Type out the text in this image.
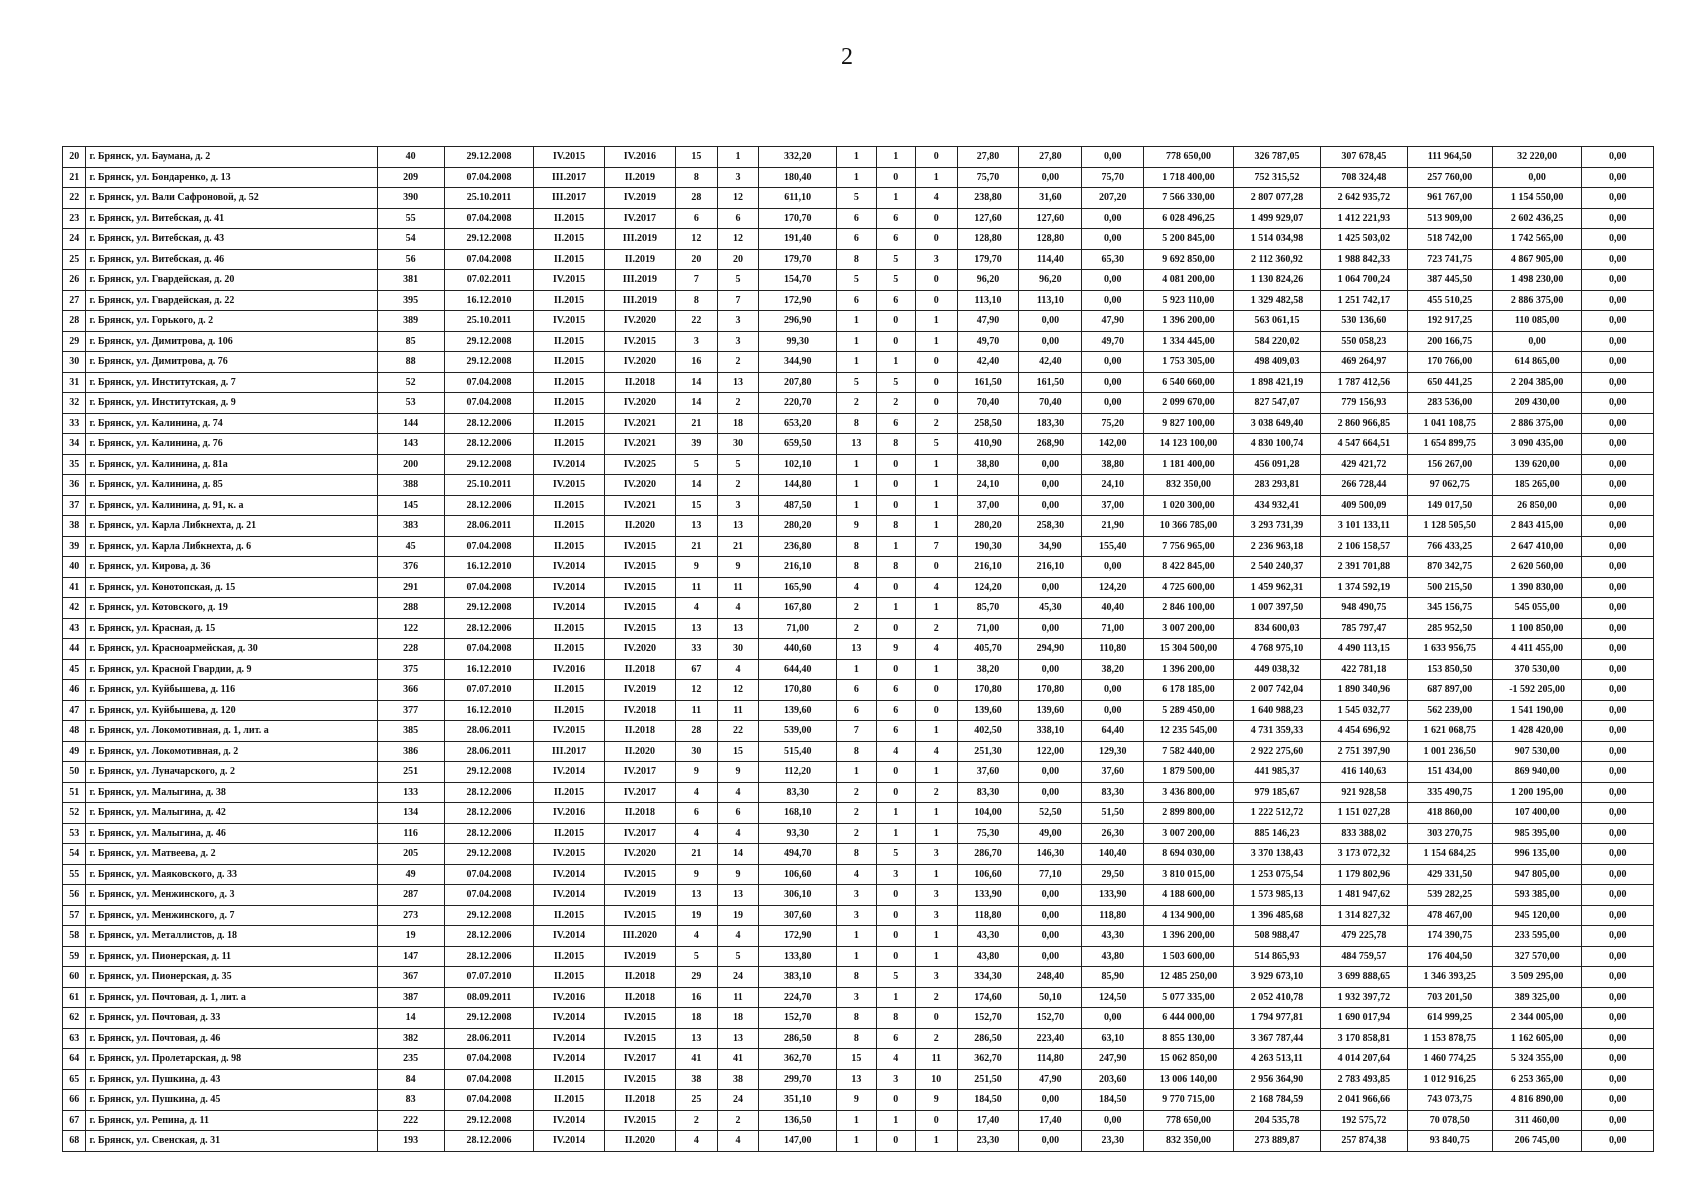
2
20	г. Брянск, ул. Баумана, д. 2	40	29.12.2008	IV.2015	IV.2016	15	1	332,20	1	1	0	27,80	27,80	0,00	778 650,00	326 787,05	307 678,45	111 964,50	32 220,00	0,00
21	г. Брянск, ул. Бондаренко, д. 13	209	07.04.2008	III.2017	II.2019	8	3	180,40	1	0	1	75,70	0,00	75,70	1 718 400,00	752 315,52	708 324,48	257 760,00	0,00	0,00
22	г. Брянск, ул. Вали Сафроновой, д. 52	390	25.10.2011	III.2017	IV.2019	28	12	611,10	5	1	4	238,80	31,60	207,20	7 566 330,00	2 807 077,28	2 642 935,72	961 767,00	1 154 550,00	0,00
23	г. Брянск, ул. Витебская, д. 41	55	07.04.2008	II.2015	IV.2017	6	6	170,70	6	6	0	127,60	127,60	0,00	6 028 496,25	1 499 929,07	1 412 221,93	513 909,00	2 602 436,25	0,00
24	г. Брянск, ул. Витебская, д. 43	54	29.12.2008	II.2015	III.2019	12	12	191,40	6	6	0	128,80	128,80	0,00	5 200 845,00	1 514 034,98	1 425 503,02	518 742,00	1 742 565,00	0,00
25	г. Брянск, ул. Витебская, д. 46	56	07.04.2008	II.2015	II.2019	20	20	179,70	8	5	3	179,70	114,40	65,30	9 692 850,00	2 112 360,92	1 988 842,33	723 741,75	4 867 905,00	0,00
26	г. Брянск, ул. Гвардейская, д. 20	381	07.02.2011	IV.2015	III.2019	7	5	154,70	5	5	0	96,20	96,20	0,00	4 081 200,00	1 130 824,26	1 064 700,24	387 445,50	1 498 230,00	0,00
27	г. Брянск, ул. Гвардейская, д. 22	395	16.12.2010	II.2015	III.2019	8	7	172,90	6	6	0	113,10	113,10	0,00	5 923 110,00	1 329 482,58	1 251 742,17	455 510,25	2 886 375,00	0,00
28	г. Брянск, ул. Горького, д. 2	389	25.10.2011	IV.2015	IV.2020	22	3	296,90	1	0	1	47,90	0,00	47,90	1 396 200,00	563 061,15	530 136,60	192 917,25	110 085,00	0,00
29	г. Брянск, ул. Димитрова, д. 106	85	29.12.2008	II.2015	IV.2015	3	3	99,30	1	0	1	49,70	0,00	49,70	1 334 445,00	584 220,02	550 058,23	200 166,75	0,00	0,00
30	г. Брянск, ул. Димитрова, д. 76	88	29.12.2008	II.2015	IV.2020	16	2	344,90	1	1	0	42,40	42,40	0,00	1 753 305,00	498 409,03	469 264,97	170 766,00	614 865,00	0,00
31	г. Брянск, ул. Институтская, д. 7	52	07.04.2008	II.2015	II.2018	14	13	207,80	5	5	0	161,50	161,50	0,00	6 540 660,00	1 898 421,19	1 787 412,56	650 441,25	2 204 385,00	0,00
32	г. Брянск, ул. Институтская, д. 9	53	07.04.2008	II.2015	IV.2020	14	2	220,70	2	2	0	70,40	70,40	0,00	2 099 670,00	827 547,07	779 156,93	283 536,00	209 430,00	0,00
33	г. Брянск, ул. Калинина, д. 74	144	28.12.2006	II.2015	IV.2021	21	18	653,20	8	6	2	258,50	183,30	75,20	9 827 100,00	3 038 649,40	2 860 966,85	1 041 108,75	2 886 375,00	0,00
34	г. Брянск, ул. Калинина, д. 76	143	28.12.2006	II.2015	IV.2021	39	30	659,50	13	8	5	410,90	268,90	142,00	14 123 100,00	4 830 100,74	4 547 664,51	1 654 899,75	3 090 435,00	0,00
35	г. Брянск, ул. Калинина, д. 81а	200	29.12.2008	IV.2014	IV.2025	5	5	102,10	1	0	1	38,80	0,00	38,80	1 181 400,00	456 091,28	429 421,72	156 267,00	139 620,00	0,00
36	г. Брянск, ул. Калинина, д. 85	388	25.10.2011	IV.2015	IV.2020	14	2	144,80	1	0	1	24,10	0,00	24,10	832 350,00	283 293,81	266 728,44	97 062,75	185 265,00	0,00
37	г. Брянск, ул. Калинина, д. 91, к. а	145	28.12.2006	II.2015	IV.2021	15	3	487,50	1	0	1	37,00	0,00	37,00	1 020 300,00	434 932,41	409 500,09	149 017,50	26 850,00	0,00
38	г. Брянск, ул. Карла Либкнехта, д. 21	383	28.06.2011	II.2015	II.2020	13	13	280,20	9	8	1	280,20	258,30	21,90	10 366 785,00	3 293 731,39	3 101 133,11	1 128 505,50	2 843 415,00	0,00
39	г. Брянск, ул. Карла Либкнехта, д. 6	45	07.04.2008	II.2015	IV.2015	21	21	236,80	8	1	7	190,30	34,90	155,40	7 756 965,00	2 236 963,18	2 106 158,57	766 433,25	2 647 410,00	0,00
40	г. Брянск, ул. Кирова, д. 36	376	16.12.2010	IV.2014	IV.2015	9	9	216,10	8	8	0	216,10	216,10	0,00	8 422 845,00	2 540 240,37	2 391 701,88	870 342,75	2 620 560,00	0,00
41	г. Брянск, ул. Конотопская, д. 15	291	07.04.2008	IV.2014	IV.2015	11	11	165,90	4	0	4	124,20	0,00	124,20	4 725 600,00	1 459 962,31	1 374 592,19	500 215,50	1 390 830,00	0,00
42	г. Брянск, ул. Котовского, д. 19	288	29.12.2008	IV.2014	IV.2015	4	4	167,80	2	1	1	85,70	45,30	40,40	2 846 100,00	1 007 397,50	948 490,75	345 156,75	545 055,00	0,00
43	г. Брянск, ул. Красная, д. 15	122	28.12.2006	II.2015	IV.2015	13	13	71,00	2	0	2	71,00	0,00	71,00	3 007 200,00	834 600,03	785 797,47	285 952,50	1 100 850,00	0,00
44	г. Брянск, ул. Красноармейская, д. 30	228	07.04.2008	II.2015	IV.2020	33	30	440,60	13	9	4	405,70	294,90	110,80	15 304 500,00	4 768 975,10	4 490 113,15	1 633 956,75	4 411 455,00	0,00
45	г. Брянск, ул. Красной Гвардии, д. 9	375	16.12.2010	IV.2016	II.2018	67	4	644,40	1	0	1	38,20	0,00	38,20	1 396 200,00	449 038,32	422 781,18	153 850,50	370 530,00	0,00
46	г. Брянск, ул. Куйбышева, д. 116	366	07.07.2010	II.2015	IV.2019	12	12	170,80	6	6	0	170,80	170,80	0,00	6 178 185,00	2 007 742,04	1 890 340,96	687 897,00	-1 592 205,00	0,00
47	г. Брянск, ул. Куйбышева, д. 120	377	16.12.2010	II.2015	IV.2018	11	11	139,60	6	6	0	139,60	139,60	0,00	5 289 450,00	1 640 988,23	1 545 032,77	562 239,00	1 541 190,00	0,00
48	г. Брянск, ул. Локомотивная, д. 1, лит. а	385	28.06.2011	IV.2015	II.2018	28	22	539,00	7	6	1	402,50	338,10	64,40	12 235 545,00	4 731 359,33	4 454 696,92	1 621 068,75	1 428 420,00	0,00
49	г. Брянск, ул. Локомотивная, д. 2	386	28.06.2011	III.2017	II.2020	30	15	515,40	8	4	4	251,30	122,00	129,30	7 582 440,00	2 922 275,60	2 751 397,90	1 001 236,50	907 530,00	0,00
50	г. Брянск, ул. Луначарского, д. 2	251	29.12.2008	IV.2014	IV.2017	9	9	112,20	1	0	1	37,60	0,00	37,60	1 879 500,00	441 985,37	416 140,63	151 434,00	869 940,00	0,00
51	г. Брянск, ул. Малыгина, д. 38	133	28.12.2006	II.2015	IV.2017	4	4	83,30	2	0	2	83,30	0,00	83,30	3 436 800,00	979 185,67	921 928,58	335 490,75	1 200 195,00	0,00
52	г. Брянск, ул. Малыгина, д. 42	134	28.12.2006	IV.2016	II.2018	6	6	168,10	2	1	1	104,00	52,50	51,50	2 899 800,00	1 222 512,72	1 151 027,28	418 860,00	107 400,00	0,00
53	г. Брянск, ул. Малыгина, д. 46	116	28.12.2006	II.2015	IV.2017	4	4	93,30	2	1	1	75,30	49,00	26,30	3 007 200,00	885 146,23	833 388,02	303 270,75	985 395,00	0,00
54	г. Брянск, ул. Матвеева, д. 2	205	29.12.2008	IV.2015	IV.2020	21	14	494,70	8	5	3	286,70	146,30	140,40	8 694 030,00	3 370 138,43	3 173 072,32	1 154 684,25	996 135,00	0,00
55	г. Брянск, ул. Маяковского, д. 33	49	07.04.2008	IV.2014	IV.2015	9	9	106,60	4	3	1	106,60	77,10	29,50	3 810 015,00	1 253 075,54	1 179 802,96	429 331,50	947 805,00	0,00
56	г. Брянск, ул. Менжинского, д. 3	287	07.04.2008	IV.2014	IV.2019	13	13	306,10	3	0	3	133,90	0,00	133,90	4 188 600,00	1 573 985,13	1 481 947,62	539 282,25	593 385,00	0,00
57	г. Брянск, ул. Менжинского, д. 7	273	29.12.2008	II.2015	IV.2015	19	19	307,60	3	0	3	118,80	0,00	118,80	4 134 900,00	1 396 485,68	1 314 827,32	478 467,00	945 120,00	0,00
58	г. Брянск, ул. Металлистов, д. 18	19	28.12.2006	IV.2014	III.2020	4	4	172,90	1	0	1	43,30	0,00	43,30	1 396 200,00	508 988,47	479 225,78	174 390,75	233 595,00	0,00
59	г. Брянск, ул. Пионерская, д. 11	147	28.12.2006	II.2015	IV.2019	5	5	133,80	1	0	1	43,80	0,00	43,80	1 503 600,00	514 865,93	484 759,57	176 404,50	327 570,00	0,00
60	г. Брянск, ул. Пионерская, д. 35	367	07.07.2010	II.2015	II.2018	29	24	383,10	8	5	3	334,30	248,40	85,90	12 485 250,00	3 929 673,10	3 699 888,65	1 346 393,25	3 509 295,00	0,00
61	г. Брянск, ул. Почтовая, д. 1, лит. а	387	08.09.2011	IV.2016	II.2018	16	11	224,70	3	1	2	174,60	50,10	124,50	5 077 335,00	2 052 410,78	1 932 397,72	703 201,50	389 325,00	0,00
62	г. Брянск, ул. Почтовая, д. 33	14	29.12.2008	IV.2014	IV.2015	18	18	152,70	8	8	0	152,70	152,70	0,00	6 444 000,00	1 794 977,81	1 690 017,94	614 999,25	2 344 005,00	0,00
63	г. Брянск, ул. Почтовая, д. 46	382	28.06.2011	IV.2014	IV.2015	13	13	286,50	8	6	2	286,50	223,40	63,10	8 855 130,00	3 367 787,44	3 170 858,81	1 153 878,75	1 162 605,00	0,00
64	г. Брянск, ул. Пролетарская, д. 98	235	07.04.2008	IV.2014	IV.2017	41	41	362,70	15	4	11	362,70	114,80	247,90	15 062 850,00	4 263 513,11	4 014 207,64	1 460 774,25	5 324 355,00	0,00
65	г. Брянск, ул. Пушкина, д. 43	84	07.04.2008	II.2015	IV.2015	38	38	299,70	13	3	10	251,50	47,90	203,60	13 006 140,00	2 956 364,90	2 783 493,85	1 012 916,25	6 253 365,00	0,00
66	г. Брянск, ул. Пушкина, д. 45	83	07.04.2008	II.2015	II.2018	25	24	351,10	9	0	9	184,50	0,00	184,50	9 770 715,00	2 168 784,59	2 041 966,66	743 073,75	4 816 890,00	0,00
67	г. Брянск, ул. Репина, д. 11	222	29.12.2008	IV.2014	IV.2015	2	2	136,50	1	1	0	17,40	17,40	0,00	778 650,00	204 535,78	192 575,72	70 078,50	311 460,00	0,00
68	г. Брянск, ул. Свенская, д. 31	193	28.12.2006	IV.2014	II.2020	4	4	147,00	1	0	1	23,30	0,00	23,30	832 350,00	273 889,87	257 874,38	93 840,75	206 745,00	0,00
